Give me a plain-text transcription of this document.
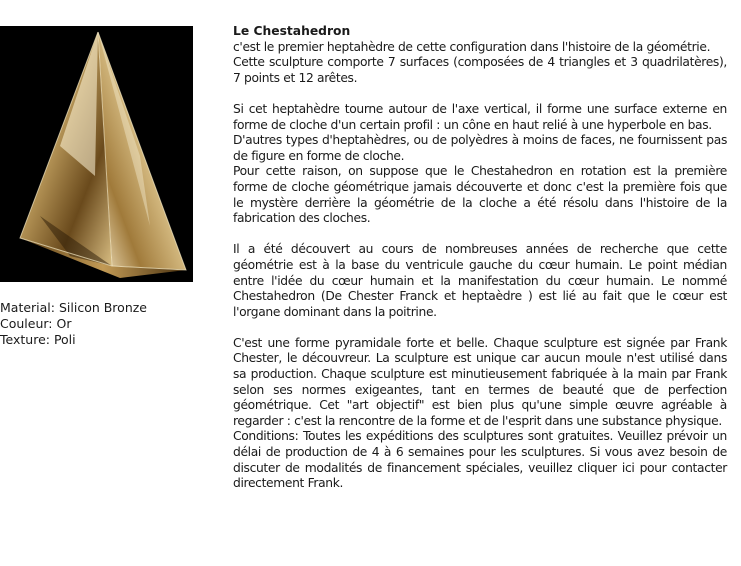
Material: Silicon Bronze
Couleur: Or
Texture: Poli

Le Chestahedron
c'est le premier heptahèdre de cette configuration dans l'histoire de la géométrie.
Cette sculpture comporte 7 surfaces (composées de 4 triangles et 3 quadrilatères), 7 points et 12 arêtes.

Si cet heptahèdre tourne autour de l'axe vertical, il forme une surface externe en forme de cloche d'un certain profil : un cône en haut relié à une hyperbole en bas.
D'autres types d'heptahèdres, ou de polyèdres à moins de faces, ne fournissent pas de figure en forme de cloche.
Pour cette raison, on suppose que le Chestahedron en rotation est la première forme de cloche géométrique jamais découverte et donc c'est la première fois que le mystère derrière la géométrie de la cloche a été résolu dans l'histoire de la fabrication des cloches.

Il a été découvert au cours de nombreuses années de recherche que cette géométrie est à la base du ventricule gauche du cœur humain. Le point médian entre l'idée du cœur humain et la manifestation du cœur humain. Le nommé Chestahedron (De Chester Franck et heptaèdre ) est lié au fait que le cœur est l'organe dominant dans la poitrine.

C'est une forme pyramidale forte et belle. Chaque sculpture est signée par Frank Chester, le découvreur. La sculpture est unique car aucun moule n'est utilisé dans sa production. Chaque sculpture est minutieusement fabriquée à la main par Frank selon ses normes exigeantes, tant en termes de beauté que de perfection géométrique. Cet "art objectif" est bien plus qu'une simple œuvre agréable à regarder : c'est la rencontre de la forme et de l'esprit dans une substance physique.
Conditions: Toutes les expéditions des sculptures sont gratuites. Veuillez prévoir un délai de production de 4 à 6 semaines pour les sculptures. Si vous avez besoin de discuter de modalités de financement spéciales, veuillez cliquer ici pour contacter directement Frank.
